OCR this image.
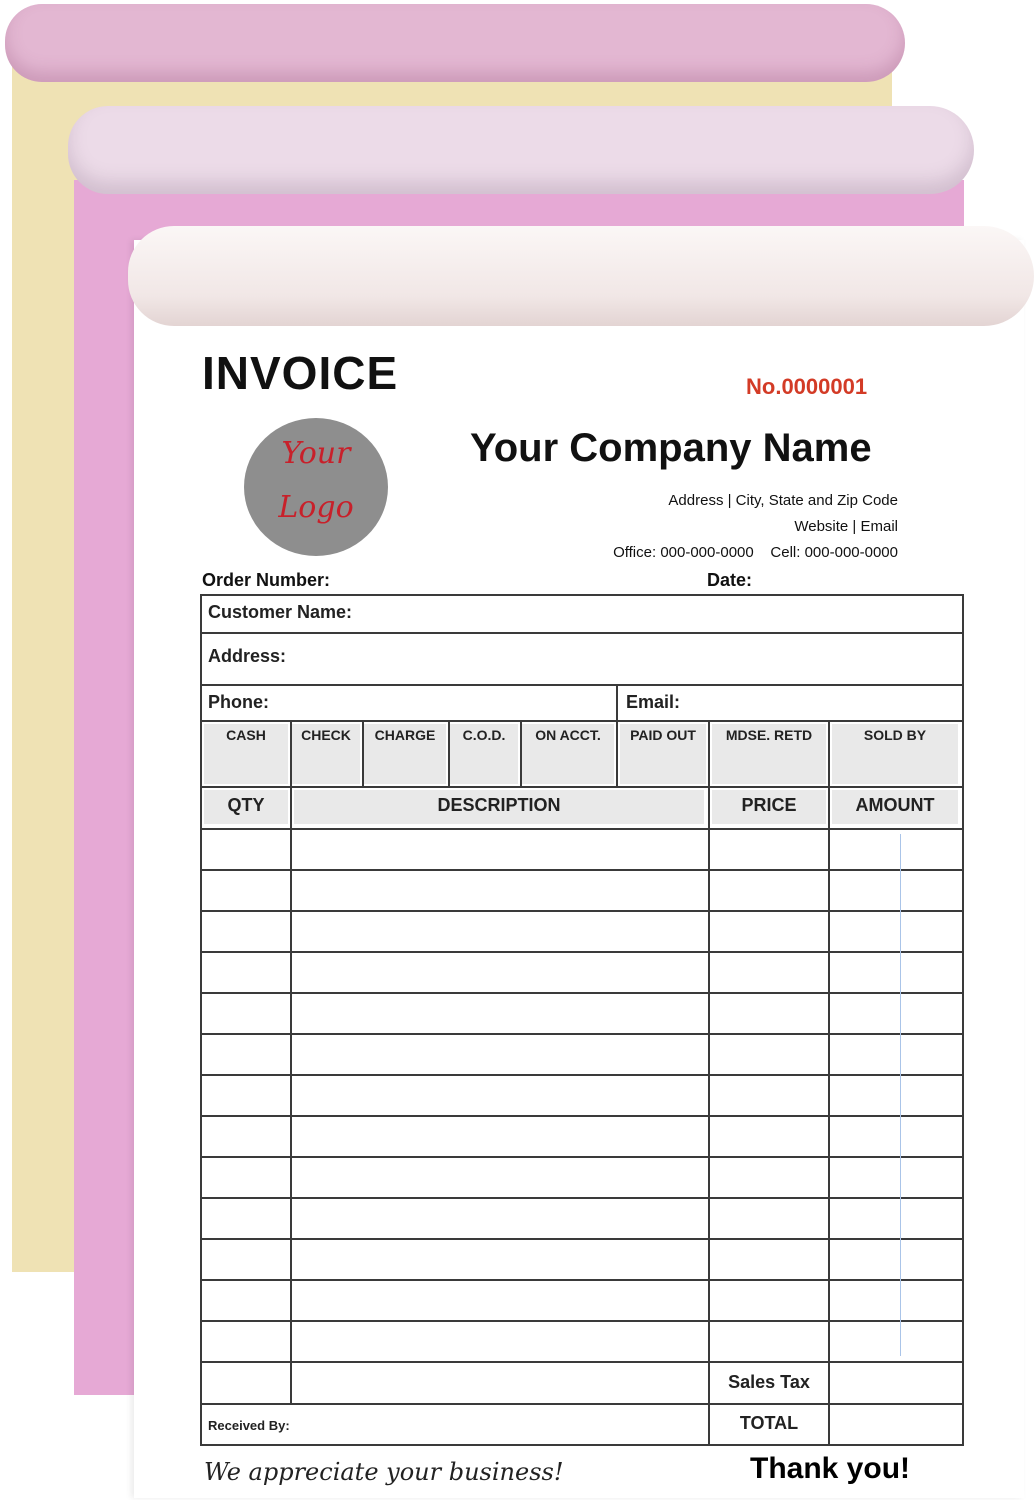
INVOICE	No.0000001
Your
Logo
Your Company Name
Address | City, State and Zip Code
Website | Email
Office: 000-000-0000    Cell: 000-000-0000
Order Number:	Date:
Customer Name:
Address:
Phone:	Email:
CASH	CHECK	CHARGE	C.O.D.	ON ACCT.	PAID OUT	MDSE. RETD	SOLD BY
QTY	DESCRIPTION	PRICE	AMOUNT
Sales Tax
TOTAL
Received By:
We appreciate your business!	Thank you!
